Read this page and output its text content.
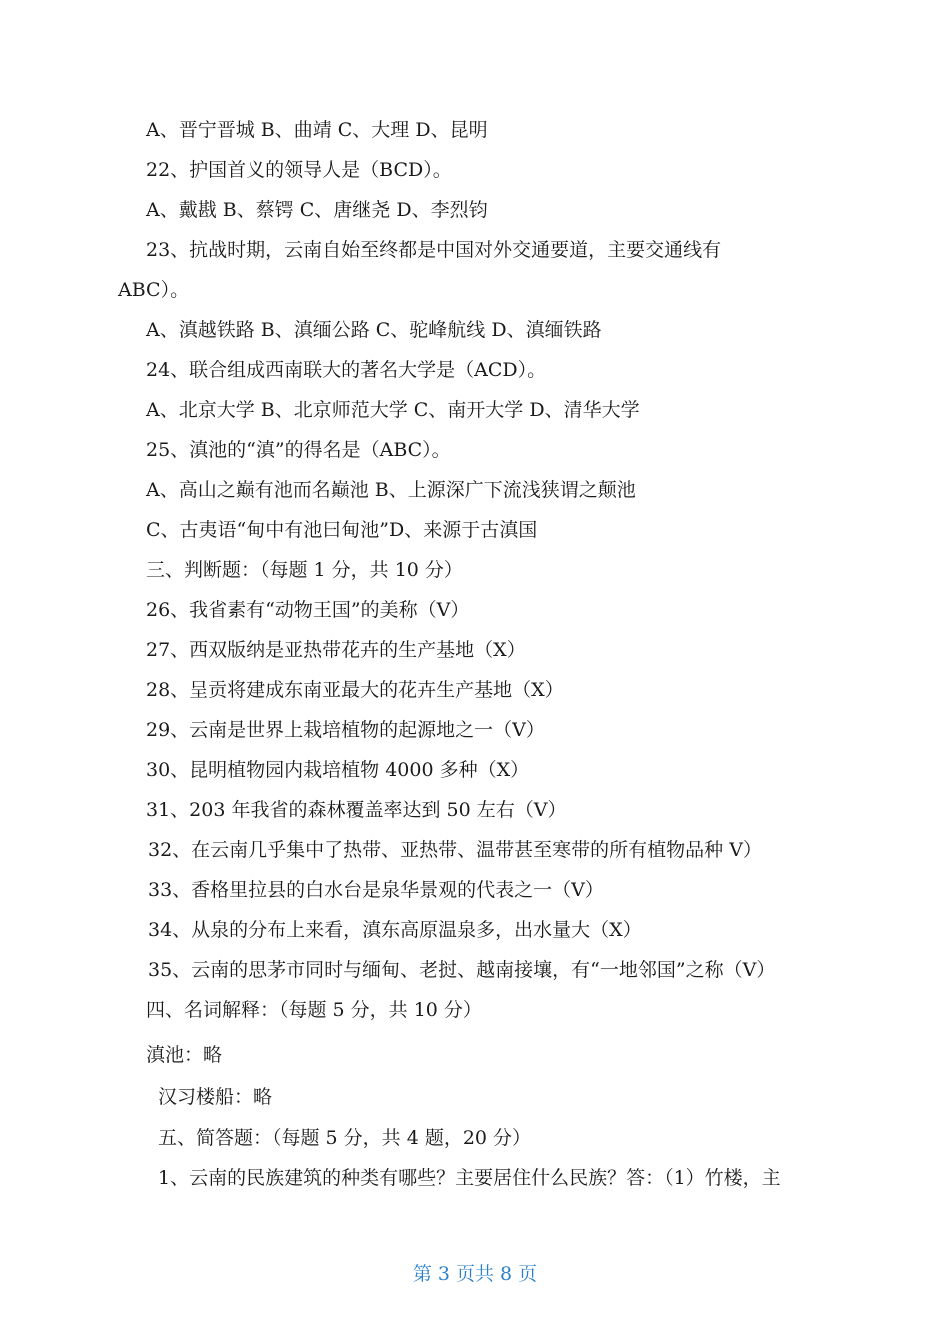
A、晋宁晋城 B、曲靖 C、大理 D、昆明
22、护国首义的领导人是（BCD）。
A、戴戡 B、蔡锷 C、唐继尧 D、李烈钧
23、抗战时期，云南自始至终都是中国对外交通要道，主要交通线有
ABC）。
A、滇越铁路 B、滇缅公路 C、驼峰航线 D、滇缅铁路
24、联合组成西南联大的著名大学是（ACD）。
A、北京大学 B、北京师范大学 C、南开大学 D、清华大学
25、滇池的“滇”的得名是（ABC）。
A、高山之巅有池而名巅池 B、上源深广下流浅狭谓之颠池
C、古夷语“甸中有池曰甸池”D、来源于古滇国
三、判断题：（每题 1 分，共 10 分）
26、我省素有“动物王国”的美称（V）
27、西双版纳是亚热带花卉的生产基地（X）
28、呈贡将建成东南亚最大的花卉生产基地（X）
29、云南是世界上栽培植物的起源地之一（V）
30、昆明植物园内栽培植物 4000 多种（X）
31、203 年我省的森林覆盖率达到 50 左右（V）
32、在云南几乎集中了热带、亚热带、温带甚至寒带的所有植物品种 V）
33、香格里拉县的白水台是泉华景观的代表之一（V）
34、从泉的分布上来看，滇东高原温泉多，出水量大（X）
35、云南的思茅市同时与缅甸、老挝、越南接壤，有“一地邻国”之称（V）
四、名词解释：（每题 5 分，共 10 分）
滇池：略
汉习楼船：略
五、简答题：（每题 5 分，共 4 题，20 分）
1、云南的民族建筑的种类有哪些？主要居住什么民族？答：（1）竹楼，主
第 3 页共 8 页
